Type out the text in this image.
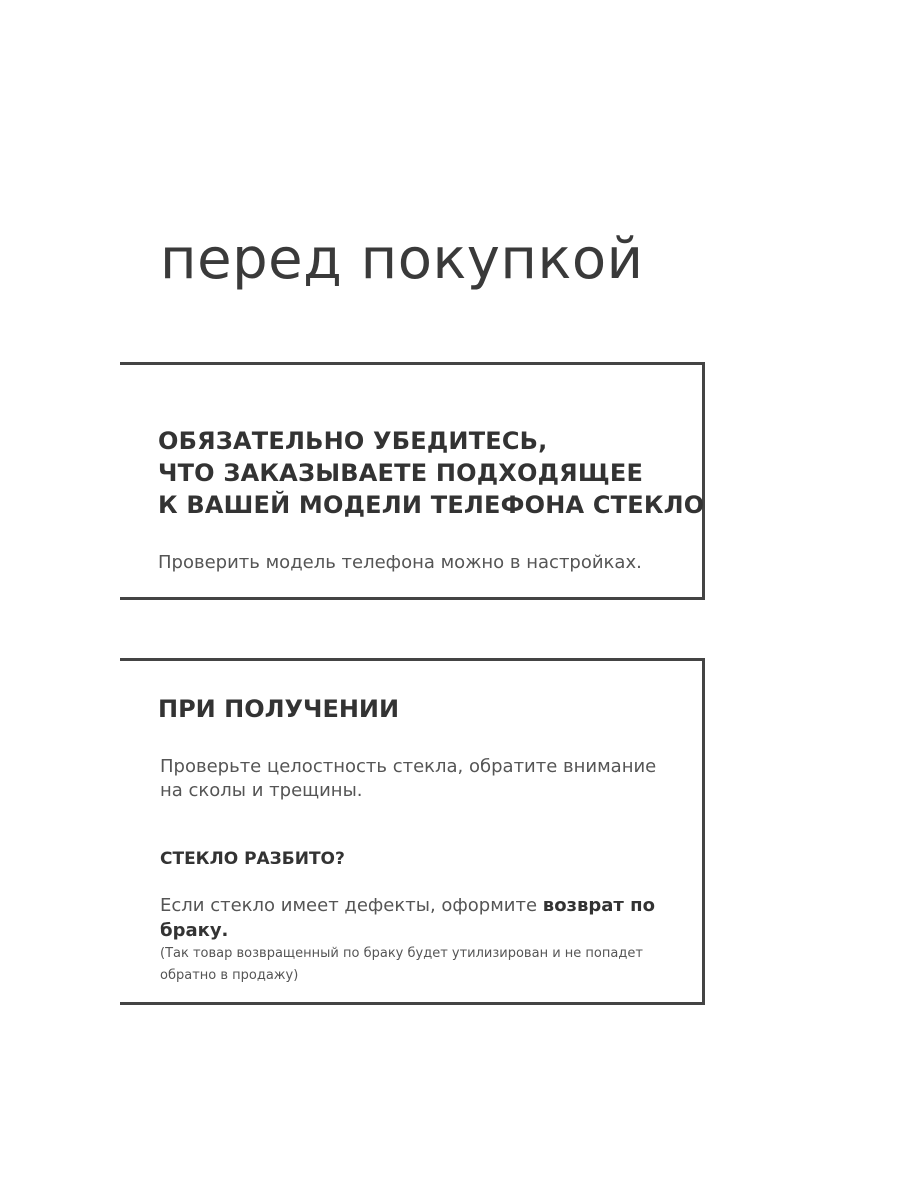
перед покупкой
ОБЯЗАТЕЛЬНО УБЕДИТЕСЬ,
ЧТО ЗАКАЗЫВАЕТЕ ПОДХОДЯЩЕЕ
К ВАШЕЙ МОДЕЛИ ТЕЛЕФОНА СТЕКЛО
Проверить модель телефона можно в настройках.
ПРИ ПОЛУЧЕНИИ
Проверьте целостность стекла, обратите внимание на сколы и трещины.
СТЕКЛО РАЗБИТО?
Если стекло имеет дефекты, оформите возврат по браку.
(Так товар возвращенный по браку будет утилизирован и не попадет обратно в продажу)
